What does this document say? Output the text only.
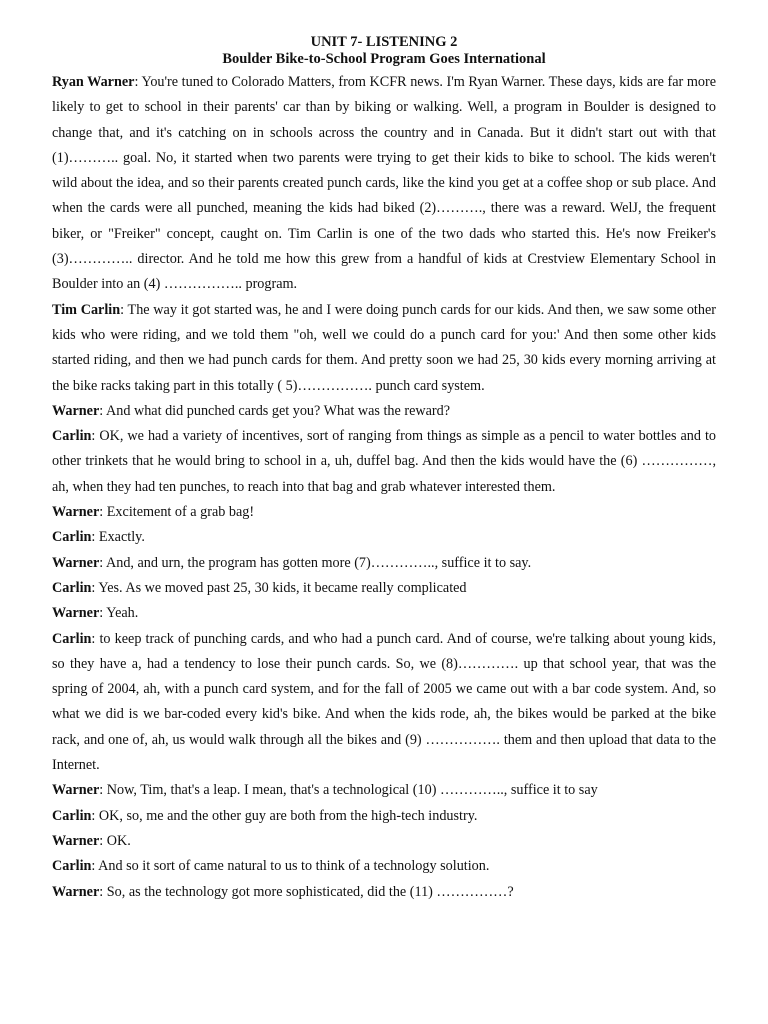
UNIT 7- LISTENING 2

Boulder Bike-to-School Program Goes International

Ryan Warner: You're tuned to Colorado Matters, from KCFR news. I'm Ryan Warner. These days, kids are far more likely to get to school in their parents' car than by biking or walking. Well, a program in Boulder is designed to change that, and it's catching on in schools across the country and in Canada. But it didn't start out with that (1)……….. goal. No, it started when two parents were trying to get their kids to bike to school. The kids weren't wild about the idea, and so their parents created punch cards, like the kind you get at a coffee shop or sub place. And when the cards were all punched, meaning the kids had biked (2)………., there was a reward. WelJ, the frequent biker, or "Freiker" concept, caught on. Tim Carlin is one of the two dads who started this. He's now Freiker's (3)………….. director. And he told me how this grew from a handful of kids at Crestview Elementary School in Boulder into an (4) …………….. program.

Tim Carlin: The way it got started was, he and I were doing punch cards for our kids. And then, we saw some other kids who were riding, and we told them "oh, well we could do a punch card for you:' And then some other kids started riding, and then we had punch cards for them. And pretty soon we had 25, 30 kids every morning arriving at the bike racks taking part in this totally ( 5)……………. punch card system.

Warner: And what did punched cards get you? What was the reward?

Carlin: OK, we had a variety of incentives, sort of ranging from things as simple as a pencil to water bottles and to other trinkets that he would bring to school in a, uh, duffel bag. And then the kids would have the (6) ……………, ah, when they had ten punches, to reach into that bag and grab whatever interested them.

Warner: Excitement of a grab bag!

Carlin: Exactly.

Warner: And, and urn, the program has gotten more (7)………….., suffice it to say.

Carlin: Yes. As we moved past 25, 30 kids, it became really complicated

Warner: Yeah.

Carlin: to keep track of punching cards, and who had a punch card. And of course, we're talking about young kids, so they have a, had a tendency to lose their punch cards. So, we (8)…………. up that school year, that was the spring of 2004, ah, with a punch card system, and for the fall of 2005 we came out with a bar code system. And, so what we did is we bar-coded every kid's bike. And when the kids rode, ah, the bikes would be parked at the bike rack, and one of, ah, us would walk through all the bikes and (9) ……………. them and then upload that data to the Internet.

Warner: Now, Tim, that's a leap. I mean, that's a technological (10) ………….., suffice it to say

Carlin: OK, so, me and the other guy are both from the high-tech industry.

Warner: OK.

Carlin: And so it sort of came natural to us to think of a technology solution.

Warner: So, as the technology got more sophisticated, did the (11) ……………?
